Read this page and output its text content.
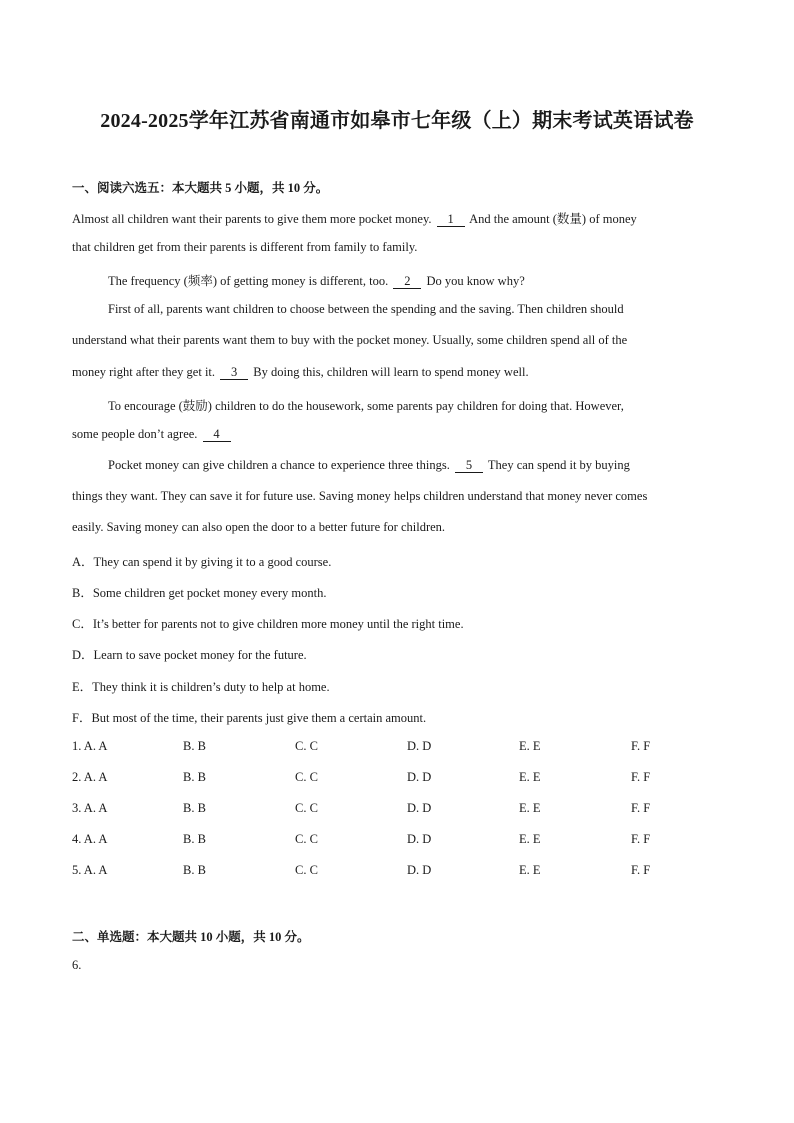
2024-2025学年江苏省南通市如皋市七年级（上）期末考试英语试卷
一、阅读六选五：本大题共 5 小题，共 10 分。
Almost all children want their parents to give them more pocket money. 1 And the amount (数量) of money
that children get from their parents is different from family to family.
The frequency (频率) of getting money is different, too. 2 Do you know why?
First of all, parents want children to choose between the spending and the saving. Then children should
understand what their parents want them to buy with the pocket money. Usually, some children spend all of the
money right after they get it. 3 By doing this, children will learn to spend money well.
To encourage (鼓励) children to do the housework, some parents pay children for doing that. However,
some people don’t agree. 4
Pocket money can give children a chance to experience three things. 5 They can spend it by buying
things they want. They can save it for future use. Saving money helps children understand that money never comes
easily. Saving money can also open the door to a better future for children.
A．They can spend it by giving it to a good course.
B．Some children get pocket money every month.
C．It’s better for parents not to give children more money until the right time.
D．Learn to save pocket money for the future.
E．They think it is children’s duty to help at home.
F．But most of the time, their parents just give them a certain amount.
1. A. A	B. B	C. C	D. D	E. E	F. F
2. A. A	B. B	C. C	D. D	E. E	F. F
3. A. A	B. B	C. C	D. D	E. E	F. F
4. A. A	B. B	C. C	D. D	E. E	F. F
5. A. A	B. B	C. C	D. D	E. E	F. F
二、单选题：本大题共 10 小题，共 10 分。
6.
